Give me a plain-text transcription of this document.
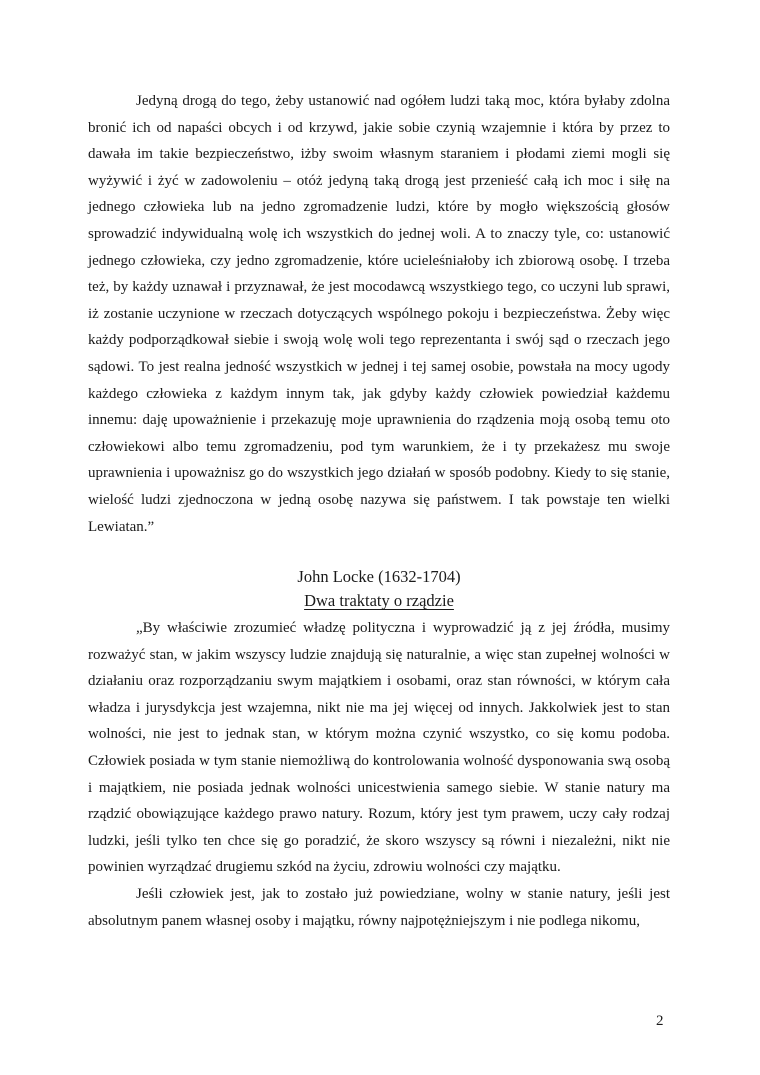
Jedyną drogą do tego, żeby ustanowić nad ogółem ludzi taką moc, która byłaby zdolna bronić ich od napaści obcych i od krzywd, jakie sobie czynią wzajemnie i która by przez to dawała im takie bezpieczeństwo, iżby swoim własnym staraniem i płodami ziemi mogli się wyżywić i żyć w zadowoleniu – otóż jedyną taką drogą jest przenieść całą ich moc i siłę na jednego człowieka lub na jedno zgromadzenie ludzi, które by mogło większością głosów sprowadzić indywidualną wolę ich wszystkich do jednej woli. A to znaczy tyle, co: ustanowić jednego człowieka, czy jedno zgromadzenie, które ucieleśniałoby ich zbiorową osobę. I trzeba też, by każdy uznawał i przyznawał, że jest mocodawcą wszystkiego tego, co uczyni lub sprawi, iż zostanie uczynione w rzeczach dotyczących wspólnego pokoju i bezpieczeństwa. Żeby więc każdy podporządkował siebie i swoją wolę woli tego reprezentanta i swój sąd o rzeczach jego sądowi. To jest realna jedność wszystkich w jednej i tej samej osobie, powstała na mocy ugody każdego człowieka z każdym innym tak, jak gdyby każdy człowiek powiedział każdemu innemu: daję upoważnienie i przekazuję moje uprawnienia do rządzenia moją osobą temu oto człowiekowi albo temu zgromadzeniu, pod tym warunkiem, że i ty przekażesz mu swoje uprawnienia i upoważnisz go do wszystkich jego działań w sposób podobny. Kiedy to się stanie, wielość ludzi zjednoczona w jedną osobę nazywa się państwem. I tak powstaje ten wielki Lewiatan.”

John Locke (1632-1704)
Dwa traktaty o rządzie

„By właściwie zrozumieć władzę polityczna i wyprowadzić ją z jej źródła, musimy rozważyć stan, w jakim wszyscy ludzie znajdują się naturalnie, a więc stan zupełnej wolności w działaniu oraz rozporządzaniu swym majątkiem i osobami, oraz stan równości, w którym cała władza i jurysdykcja jest wzajemna, nikt nie ma jej więcej od innych. Jakkolwiek jest to stan wolności, nie jest to jednak stan, w którym można czynić wszystko, co się komu podoba. Człowiek posiada w tym stanie niemożliwą do kontrolowania wolność dysponowania swą osobą i majątkiem, nie posiada jednak wolności unicestwienia samego siebie. W stanie natury ma rządzić obowiązujące każdego prawo natury. Rozum, który jest tym prawem, uczy cały rodzaj ludzki, jeśli tylko ten chce się go poradzić, że skoro wszyscy są równi i niezależni, nikt nie powinien wyrządzać drugiemu szkód na życiu, zdrowiu wolności czy majątku.

Jeśli człowiek jest, jak to zostało już powiedziane, wolny w stanie natury, jeśli jest absolutnym panem własnej osoby i majątku, równy najpotężniejszym i nie podlega nikomu,

2
